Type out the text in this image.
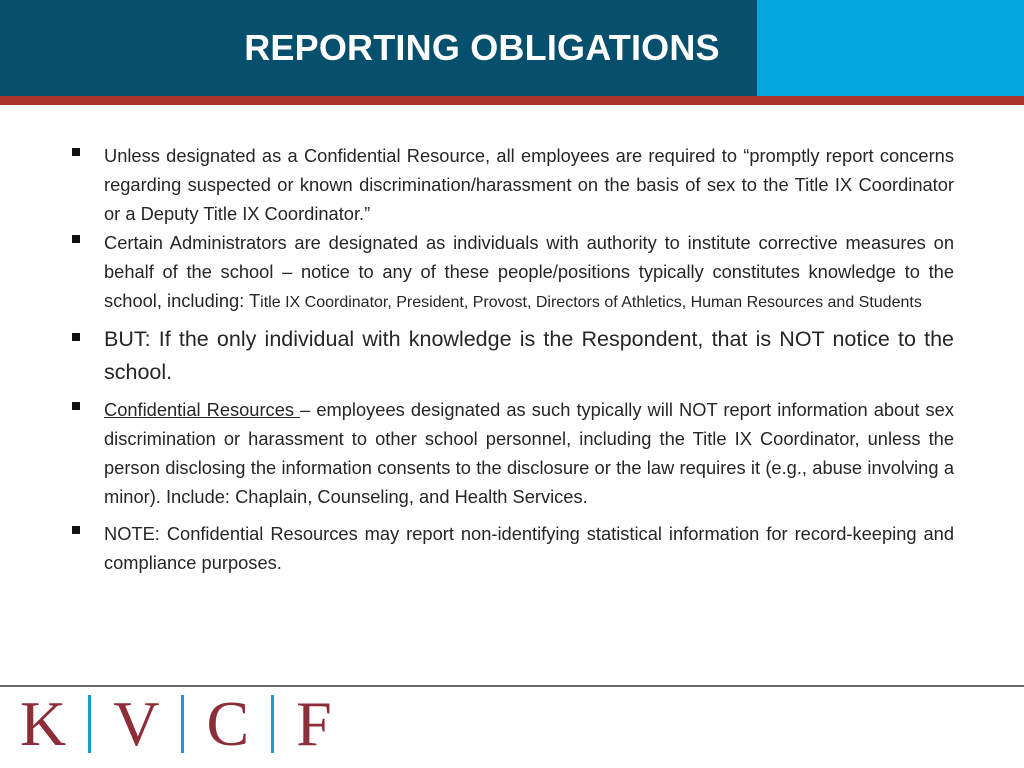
REPORTING OBLIGATIONS
Unless designated as a Confidential Resource, all employees are required to “promptly report concerns regarding suspected or known discrimination/harassment on the basis of sex to the Title IX Coordinator or a Deputy Title IX Coordinator.”
Certain Administrators are designated as individuals with authority to institute corrective measures on behalf of the school – notice to any of these people/positions typically constitutes knowledge to the school, including: Title IX Coordinator, President, Provost, Directors of Athletics, Human Resources and Students
BUT: If the only individual with knowledge is the Respondent, that is NOT notice to the school.
Confidential Resources – employees designated as such typically will NOT report information about sex discrimination or harassment to other school personnel, including the Title IX Coordinator, unless the person disclosing the information consents to the disclosure or the law requires it (e.g., abuse involving a minor). Include: Chaplain, Counseling, and Health Services.
NOTE: Confidential Resources may report non-identifying statistical information for record-keeping and compliance purposes.
K V C F
